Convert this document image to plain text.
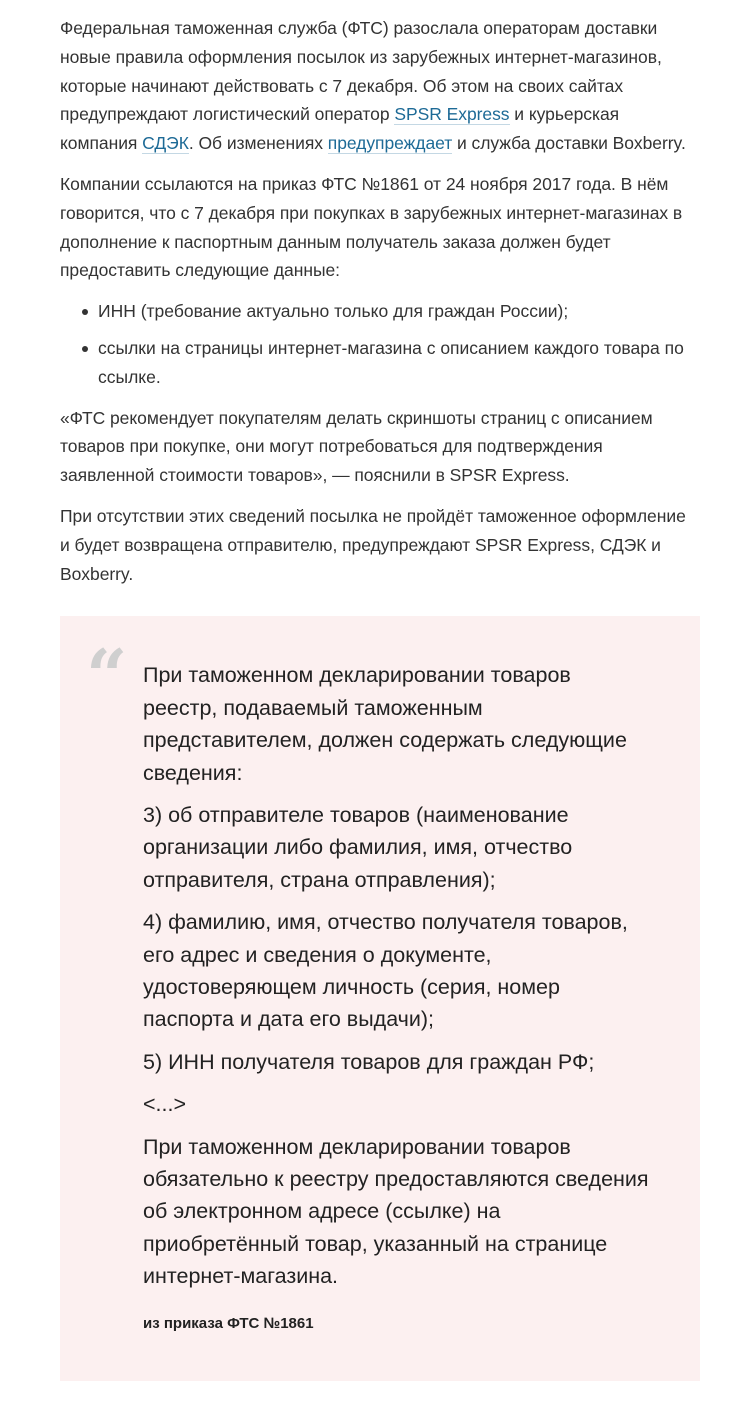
Федеральная таможенная служба (ФТС) разослала операторам доставки новые правила оформления посылок из зарубежных интернет-магазинов, которые начинают действовать с 7 декабря. Об этом на своих сайтах предупреждают логистический оператор SPSR Express и курьерская компания СДЭК. Об изменениях предупреждает и служба доставки Boxberry.

Компании ссылаются на приказ ФТС №1861 от 24 ноября 2017 года. В нём говорится, что с 7 декабря при покупках в зарубежных интернет-магазинах в дополнение к паспортным данным получатель заказа должен будет предоставить следующие данные:

ИНН (требование актуально только для граждан России);
ссылки на страницы интернет-магазина с описанием каждого товара по ссылке.

«ФТС рекомендует покупателям делать скриншоты страниц с описанием товаров при покупке, они могут потребоваться для подтверждения заявленной стоимости товаров», — пояснили в SPSR Express.

При отсутствии этих сведений посылка не пройдёт таможенное оформление и будет возвращена отправителю, предупреждают SPSR Express, СДЭК и Boxberry.

“ При таможенном декларировании товаров реестр, подаваемый таможенным представителем, должен содержать следующие сведения:

3) об отправителе товаров (наименование организации либо фамилия, имя, отчество отправителя, страна отправления);

4) фамилию, имя, отчество получателя товаров, его адрес и сведения о документе, удостоверяющем личность (серия, номер паспорта и дата его выдачи);

5) ИНН получателя товаров для граждан РФ;

<...>

При таможенном декларировании товаров обязательно к реестру предоставляются сведения об электронном адресе (ссылке) на приобретённый товар, указанный на странице интернет-магазина.

из приказа ФТС №1861
